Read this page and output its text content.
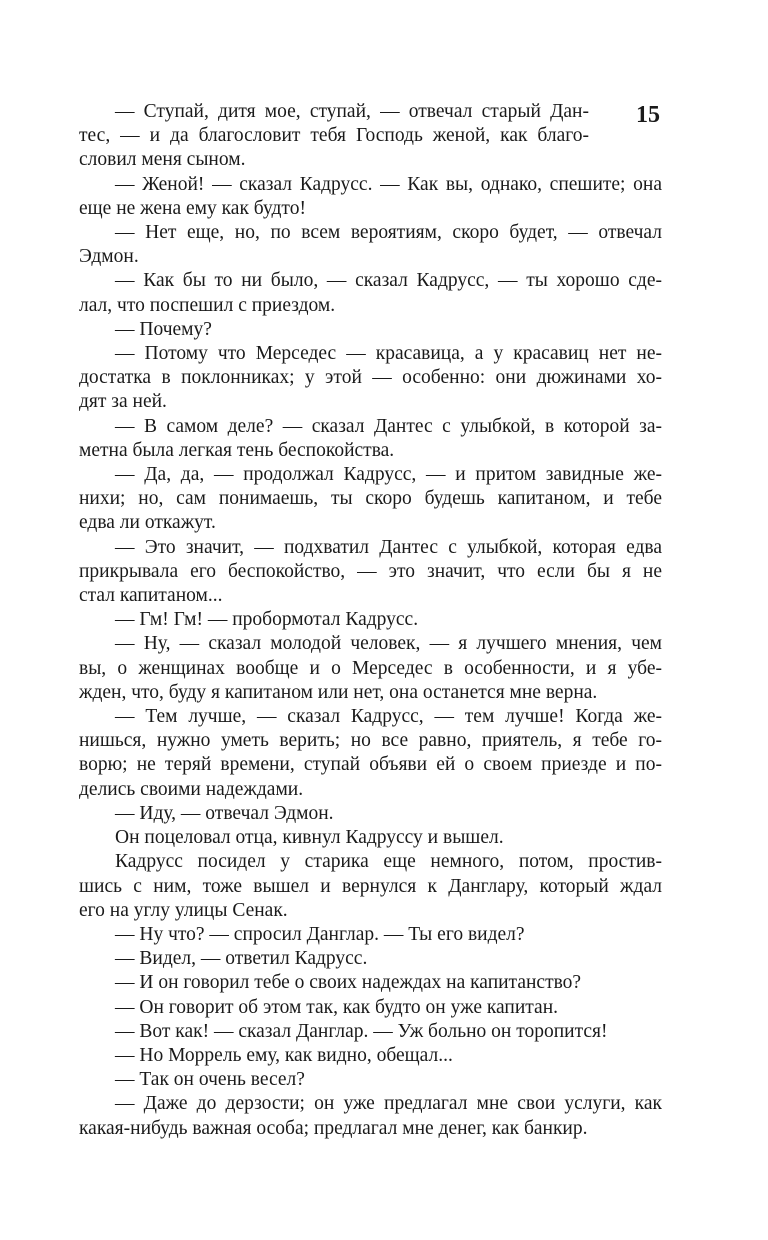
15

— Ступай, дитя мое, ступай, — отвечал старый Дан-
тес, — и да благословит тебя Господь женой, как благо-
словил меня сыном.

— Женой! — сказал Кадрусс. — Как вы, однако, спешите; она
еще не жена ему как будто!

— Нет еще, но, по всем вероятиям, скоро будет, — отвечал
Эдмон.

— Как бы то ни было, — сказал Кадрусс, — ты хорошо сде-
лал, что поспешил с приездом.

— Почему?

— Потому что Мерседес — красавица, а у красавиц нет не-
достатка в поклонниках; у этой — особенно: они дюжинами хо-
дят за ней.

— В самом деле? — сказал Дантес с улыбкой, в которой за-
метна была легкая тень беспокойства.

— Да, да, — продолжал Кадрусс, — и притом завидные же-
нихи; но, сам понимаешь, ты скоро будешь капитаном, и тебе
едва ли откажут.

— Это значит, — подхватил Дантес с улыбкой, которая едва
прикрывала его беспокойство, — это значит, что если бы я не
стал капитаном...

— Гм! Гм! — пробормотал Кадрусс.

— Ну, — сказал молодой человек, — я лучшего мнения, чем
вы, о женщинах вообще и о Мерседес в особенности, и я убе-
жден, что, буду я капитаном или нет, она останется мне верна.

— Тем лучше, — сказал Кадрусс, — тем лучше! Когда же-
нишься, нужно уметь верить; но все равно, приятель, я тебе го-
ворю; не теряй времени, ступай объяви ей о своем приезде и по-
делись своими надеждами.

— Иду, — отвечал Эдмон.

Он поцеловал отца, кивнул Кадруссу и вышел.

Кадрусс посидел у старика еще немного, потом, простив-
шись с ним, тоже вышел и вернулся к Данглару, который ждал
его на углу улицы Сенак.

— Ну что? — спросил Данглар. — Ты его видел?

— Видел, — ответил Кадрусс.

— И он говорил тебе о своих надеждах на капитанство?

— Он говорит об этом так, как будто он уже капитан.

— Вот как! — сказал Данглар. — Уж больно он торопится!

— Но Моррель ему, как видно, обещал...

— Так он очень весел?

— Даже до дерзости; он уже предлагал мне свои услуги, как
какая-нибудь важная особа; предлагал мне денег, как банкир.
